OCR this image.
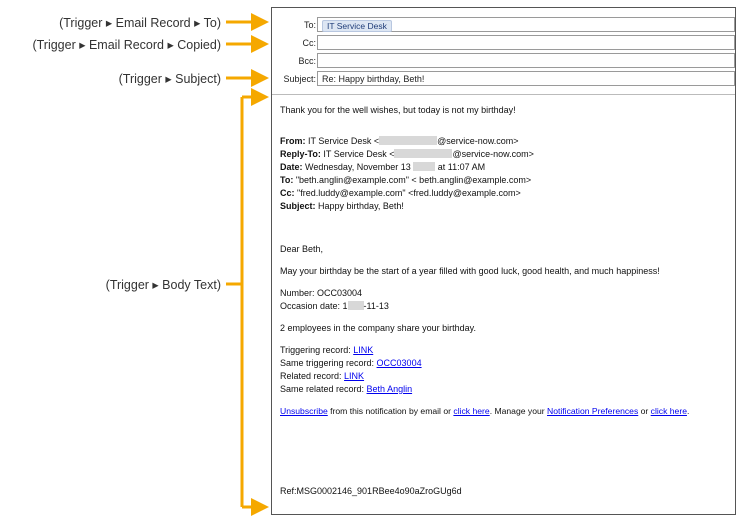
(Trigger ▸ Email Record ▸ To)
(Trigger ▸ Email Record ▸ Copied)
(Trigger ▸ Subject)
(Trigger ▸ Body Text)
To:	IT Service Desk
Cc:
Bcc:
Subject: Re: Happy birthday, Beth!

Thank you for the well wishes, but today is not my birthday!

From: IT Service Desk <	@service-now.com>

Reply-To: IT Service Desk <	@service-now.com>

Date: Wednesday, November 13	at 11:07 AM

To: "beth.anglin@example.com" < beth.anglin@example.com>

Cc: "fred.luddy@example.com" <fred.luddy@example.com>

Subject: Happy birthday, Beth!

Dear Beth,

May your birthday be the start of a year filled with good luck, good health, and much happiness!

Number: OCC03004

Occasion date: 1 -11-13

2 employees in the company share your birthday.

Triggering record: LINK

Same triggering record: OCC03004

Related record: LINK

Same related record: Beth Anglin

Unsubscribe from this notification by email or click here. Manage your Notification Preferences or click here.

Ref:MSG0002146_901RBee4o90aZroGUg6d
